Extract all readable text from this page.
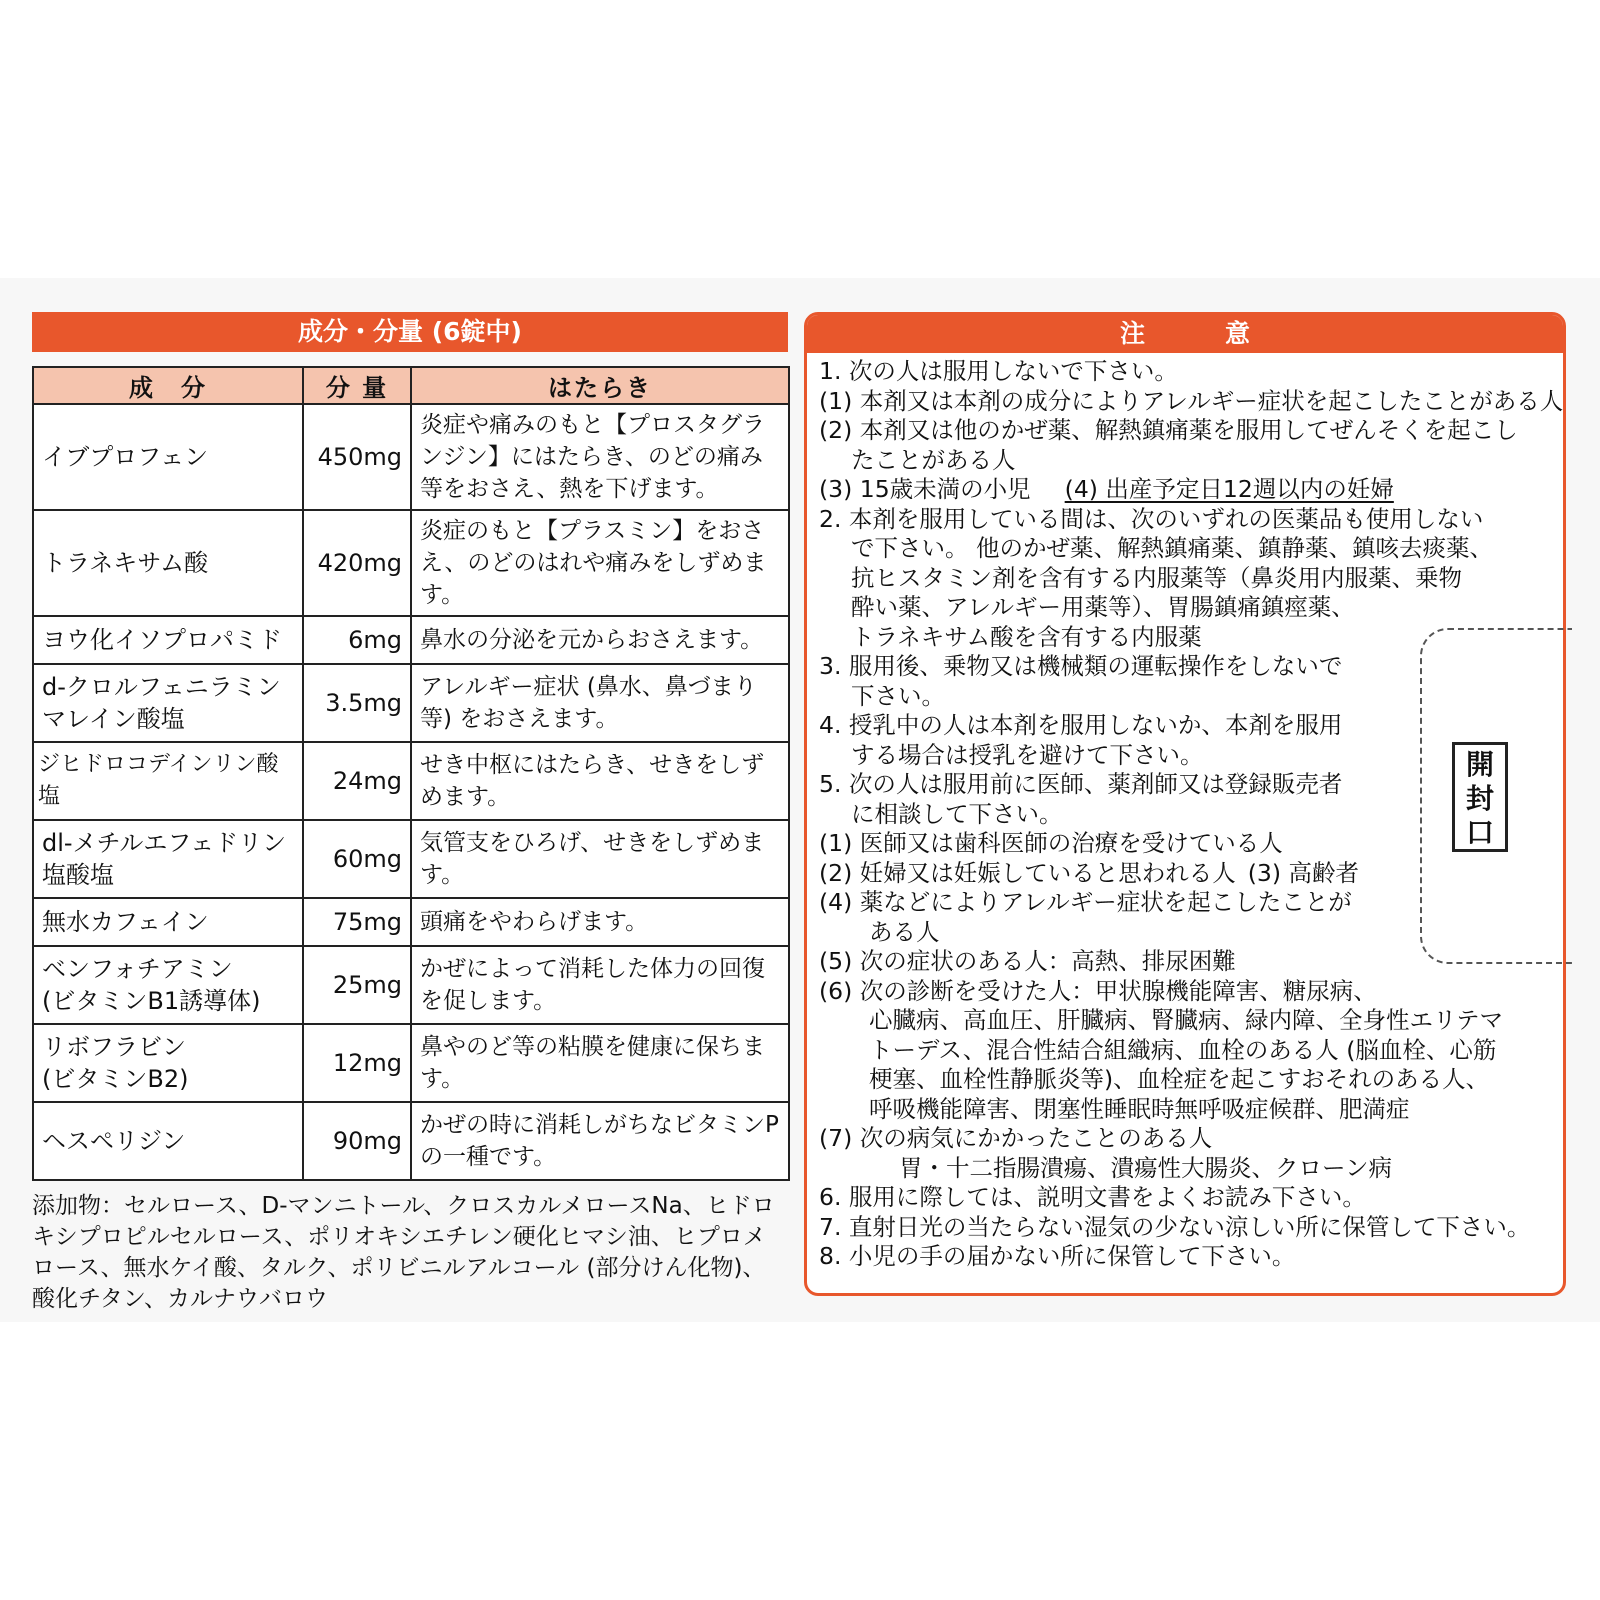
成分・分量 (6錠中)
成　分	分 量	はたらき
イブプロフェン	450mg	炎症や痛みのもと【プロスタグランジン】にはたらき、のどの痛み等をおさえ、熱を下げます。
トラネキサム酸	420mg	炎症のもと【プラスミン】をおさえ、のどのはれや痛みをしずめます。
ヨウ化イソプロパミド	6mg	鼻水の分泌を元からおさえます。
d-クロルフェニラミン
マレイン酸塩	3.5mg	アレルギー症状 (鼻水、鼻づまり等) をおさえます。
ジヒドロコデインリン酸塩	24mg	せき中枢にはたらき、せきをしずめます。
dl-メチルエフェドリン
塩酸塩	60mg	気管支をひろげ、せきをしずめます。
無水カフェイン	75mg	頭痛をやわらげます。
ベンフォチアミン
(ビタミンB1誘導体)	25mg	かぜによって消耗した体力の回復を促します。
リボフラビン
(ビタミンB2)	12mg	鼻やのど等の粘膜を健康に保ちます。
ヘスペリジン	90mg	かぜの時に消耗しがちなビタミンPの一種です。
添加物：セルロース、D-マンニトール、クロスカルメロースNa、ヒドロキシプロピルセルロース、ポリオキシエチレン硬化ヒマシ油、ヒプロメロース、無水ケイ酸、タルク、ポリビニルアルコール (部分けん化物)、酸化チタン、カルナウバロウ
注意
1. 次の人は服用しないで下さい。
(1) 本剤又は本剤の成分によりアレルギー症状を起こしたことがある人
(2) 本剤又は他のかぜ薬、解熱鎮痛薬を服用してぜんそくを起こし
たことがある人
(3) 15歳未満の小児 (4) 出産予定日12週以内の妊婦
2. 本剤を服用している間は、次のいずれの医薬品も使用しない
で下さい。 他のかぜ薬、解熱鎮痛薬、鎮静薬、鎮咳去痰薬、
抗ヒスタミン剤を含有する内服薬等（鼻炎用内服薬、乗物
酔い薬、アレルギー用薬等）、胃腸鎮痛鎮痙薬、
トラネキサム酸を含有する内服薬
3. 服用後、乗物又は機械類の運転操作をしないで
下さい。
4. 授乳中の人は本剤を服用しないか、本剤を服用
する場合は授乳を避けて下さい。
5. 次の人は服用前に医師、薬剤師又は登録販売者
に相談して下さい。
(1) 医師又は歯科医師の治療を受けている人
(2) 妊婦又は妊娠していると思われる人 (3) 高齢者
(4) 薬などによりアレルギー症状を起こしたことが
ある人
(5) 次の症状のある人：高熱、排尿困難
(6) 次の診断を受けた人：甲状腺機能障害、糖尿病、
心臓病、高血圧、肝臓病、腎臓病、緑内障、全身性エリテマ
トーデス、混合性結合組織病、血栓のある人 (脳血栓、心筋
梗塞、血栓性静脈炎等)、血栓症を起こすおそれのある人、
呼吸機能障害、閉塞性睡眠時無呼吸症候群、肥満症
(7) 次の病気にかかったことのある人
胃・十二指腸潰瘍、潰瘍性大腸炎、クローン病
6. 服用に際しては、説明文書をよくお読み下さい。
7. 直射日光の当たらない湿気の少ない涼しい所に保管して下さい。
8. 小児の手の届かない所に保管して下さい。
開封口
